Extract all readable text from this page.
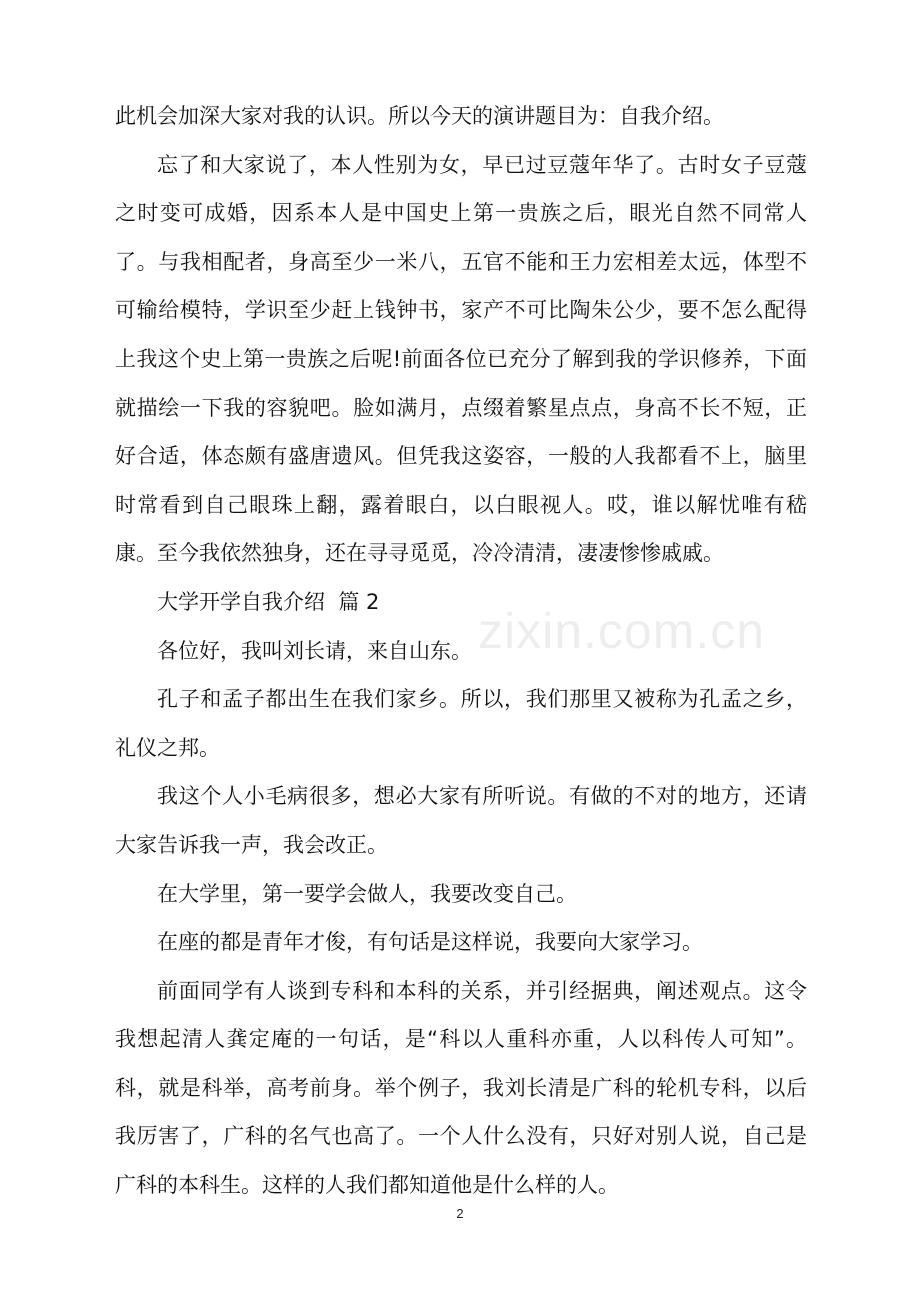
此机会加深大家对我的认识。所以今天的演讲题目为：自我介绍。

忘了和大家说了，本人性别为女，早已过豆蔻年华了。古时女子豆蔻之时变可成婚，因系本人是中国史上第一贵族之后，眼光自然不同常人了。与我相配者，身高至少一米八，五官不能和王力宏相差太远，体型不可输给模特，学识至少赶上钱钟书，家产不可比陶朱公少，要不怎么配得上我这个史上第一贵族之后呢!前面各位已充分了解到我的学识修养，下面就描绘一下我的容貌吧。脸如满月，点缀着繁星点点，身高不长不短，正好合适，体态颇有盛唐遗风。但凭我这姿容，一般的人我都看不上，脑里时常看到自己眼珠上翻，露着眼白，以白眼视人。哎，谁以解忧唯有嵇康。至今我依然独身，还在寻寻觅觅，冷冷清清，凄凄惨惨戚戚。

大学开学自我介绍  篇 2

各位好，我叫刘长请，来自山东。

孔子和孟子都出生在我们家乡。所以，我们那里又被称为孔孟之乡，礼仪之邦。

我这个人小毛病很多，想必大家有所听说。有做的不对的地方，还请大家告诉我一声，我会改正。

在大学里，第一要学会做人，我要改变自己。

在座的都是青年才俊，有句话是这样说，我要向大家学习。

前面同学有人谈到专科和本科的关系，并引经据典，阐述观点。这令我想起清人龚定庵的一句话，是“科以人重科亦重，人以科传人可知”。科，就是科举，高考前身。举个例子，我刘长清是广科的轮机专科，以后我厉害了，广科的名气也高了。一个人什么没有，只好对别人说，自己是广科的本科生。这样的人我们都知道他是什么样的人。

zixin.com.cn
2
